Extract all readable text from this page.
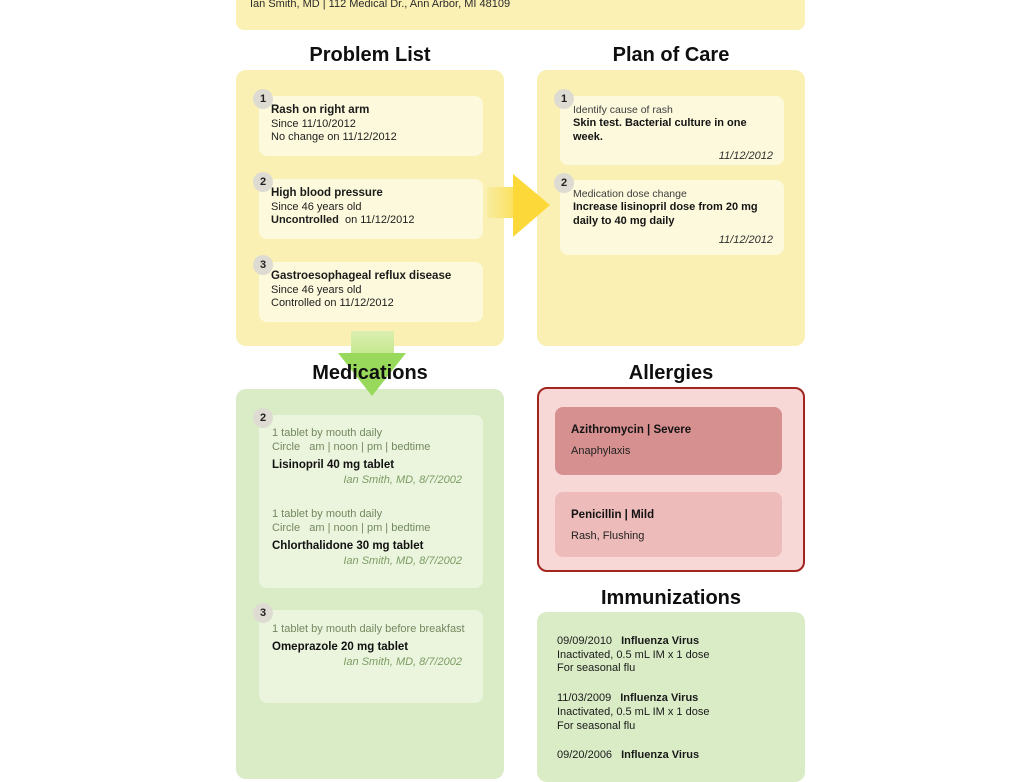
Ian Smith, MD | 112 Medical Dr., Ann Arbor, MI 48109
Problem List	Plan of Care
1
Rash on right arm
Since 11/10/2012
No change on 11/12/2012
2
High blood pressure
Since 46 years old
Uncontrolled  on 11/12/2012
3
Gastroesophageal reflux disease
Since 46 years old
Controlled on 11/12/2012
1
Identify cause of rash
Skin test. Bacterial culture in one week.
11/12/2012
2
Medication dose change
Increase lisinopril dose from 20 mg daily to 40 mg daily
11/12/2012
Medications	Allergies
2
1 tablet by mouth daily
Circle   am | noon | pm | bedtime
Lisinopril 40 mg tablet
Ian Smith, MD, 8/7/2002
1 tablet by mouth daily
Circle   am | noon | pm | bedtime
Chlorthalidone 30 mg tablet
Ian Smith, MD, 8/7/2002
3
1 tablet by mouth daily before breakfast
Omeprazole 20 mg tablet
Ian Smith, MD, 8/7/2002
Azithromycin | Severe
Anaphylaxis
Penicillin | Mild
Rash, Flushing
Immunizations
09/09/2010 Influenza Virus
Inactivated, 0.5 mL IM x 1 dose
For seasonal flu
11/03/2009 Influenza Virus
Inactivated, 0.5 mL IM x 1 dose
For seasonal flu
09/20/2006 Influenza Virus
